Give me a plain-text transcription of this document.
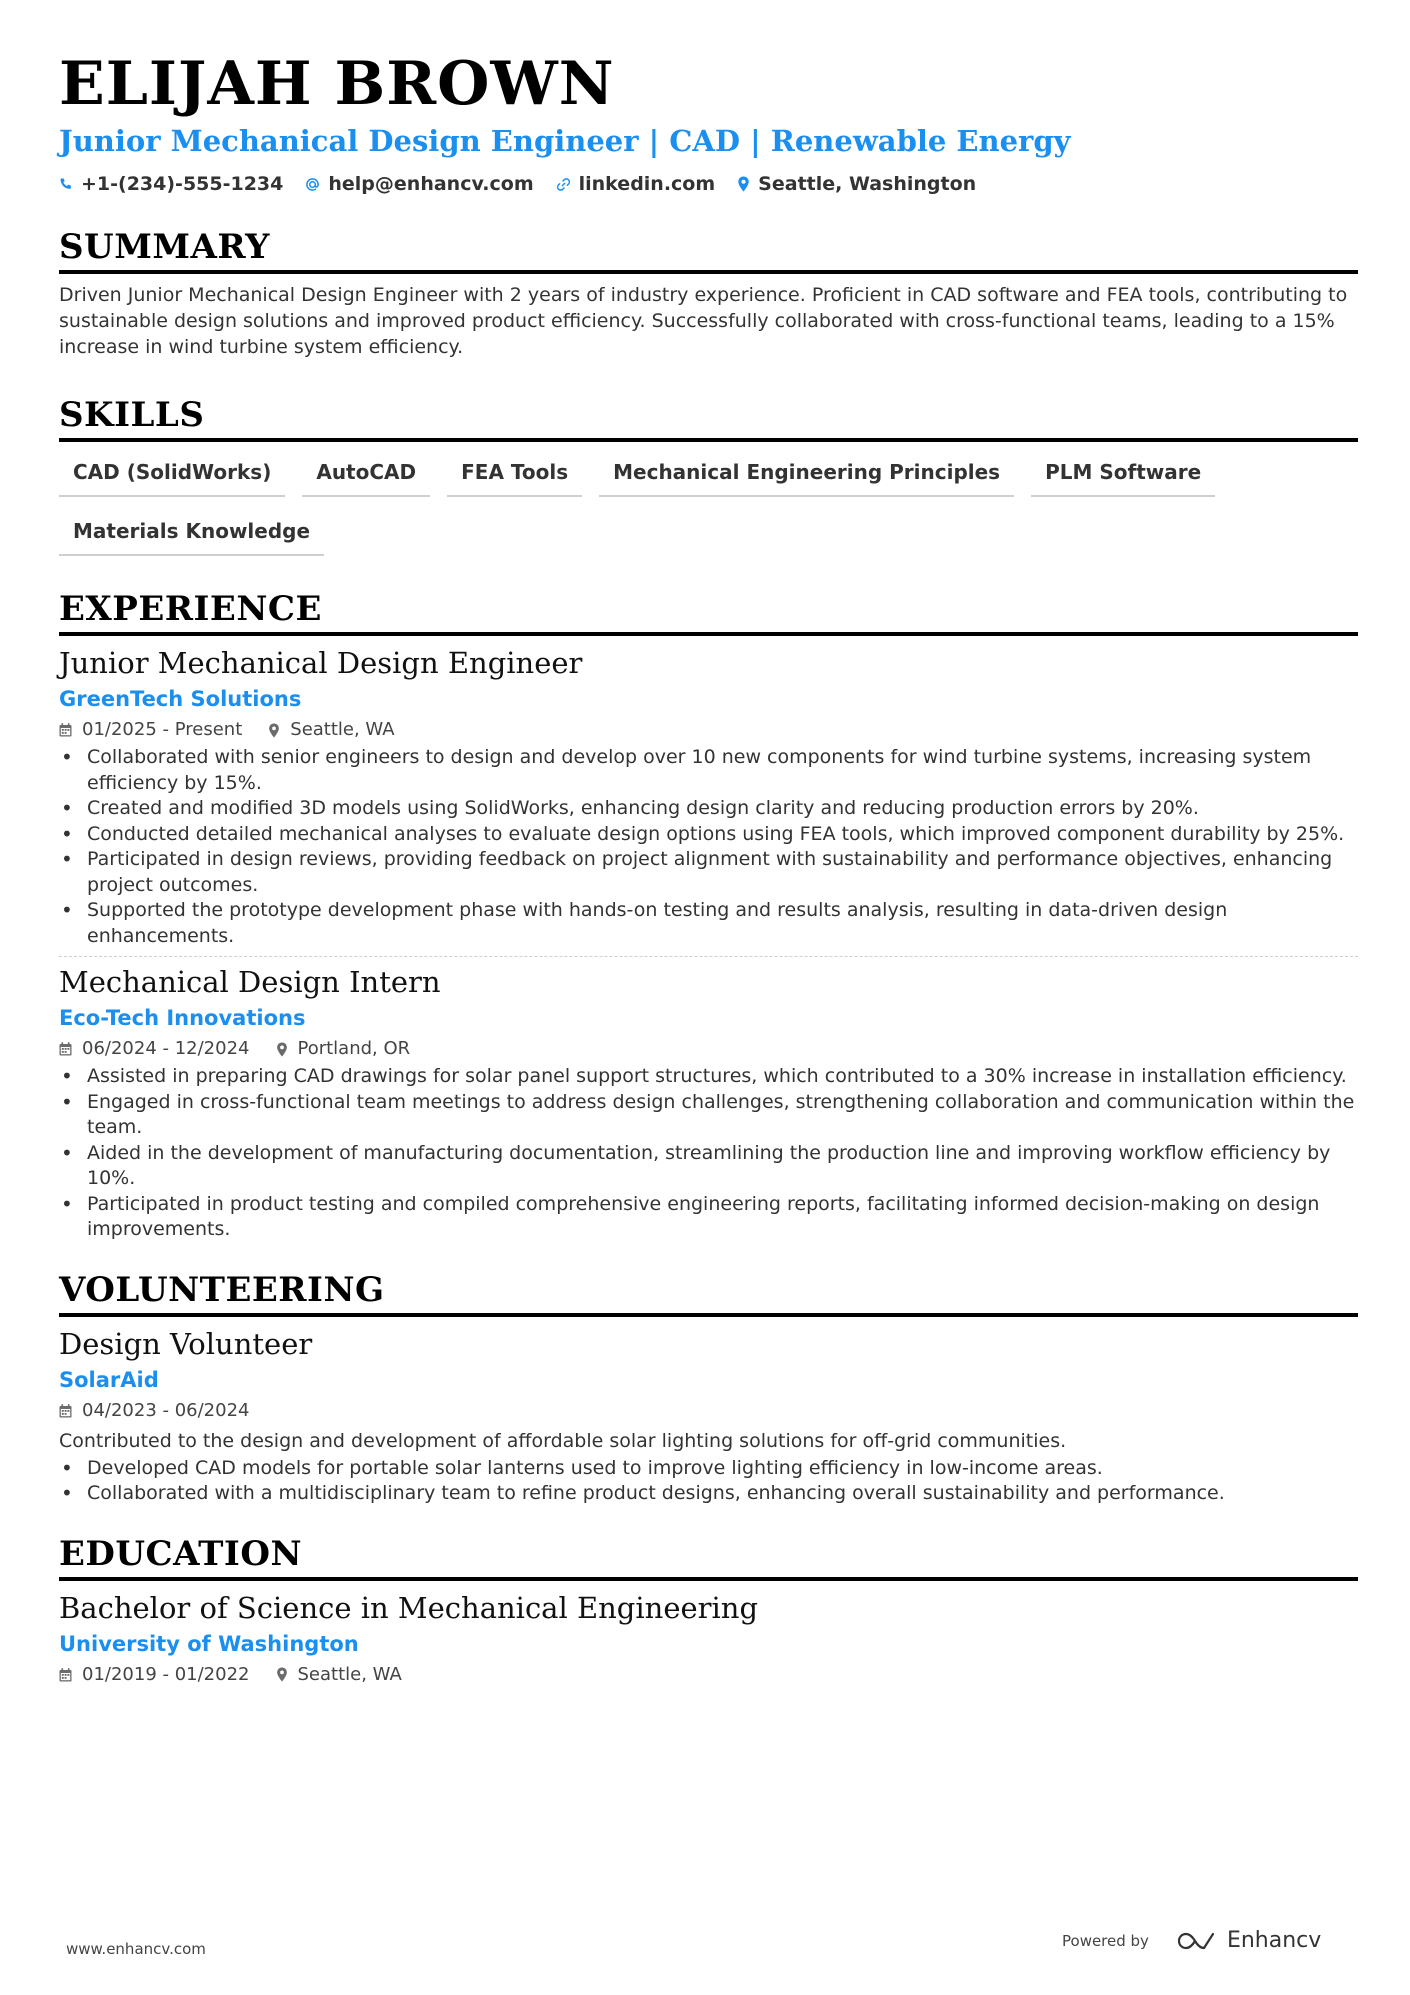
ELIJAH BROWN
Junior Mechanical Design Engineer | CAD | Renewable Energy
+1-(234)-555-1234 help@enhancv.com linkedin.com Seattle, Washington
SUMMARY
Driven Junior Mechanical Design Engineer with 2 years of industry experience. Proficient in CAD software and FEA tools, contributing to sustainable design solutions and improved product efficiency. Successfully collaborated with cross-functional teams, leading to a 15% increase in wind turbine system efficiency.
SKILLS
CAD (SolidWorks)	AutoCAD	FEA Tools	Mechanical Engineering Principles	PLM Software
Materials Knowledge
EXPERIENCE
Junior Mechanical Design Engineer
GreenTech Solutions
01/2025 - Present	Seattle, WA
• Collaborated with senior engineers to design and develop over 10 new components for wind turbine systems, increasing system efficiency by 15%.
• Created and modified 3D models using SolidWorks, enhancing design clarity and reducing production errors by 20%.
• Conducted detailed mechanical analyses to evaluate design options using FEA tools, which improved component durability by 25%.
• Participated in design reviews, providing feedback on project alignment with sustainability and performance objectives, enhancing project outcomes.
• Supported the prototype development phase with hands-on testing and results analysis, resulting in data-driven design enhancements.
Mechanical Design Intern
Eco-Tech Innovations
06/2024 - 12/2024	Portland, OR
• Assisted in preparing CAD drawings for solar panel support structures, which contributed to a 30% increase in installation efficiency.
• Engaged in cross-functional team meetings to address design challenges, strengthening collaboration and communication within the team.
• Aided in the development of manufacturing documentation, streamlining the production line and improving workflow efficiency by 10%.
• Participated in product testing and compiled comprehensive engineering reports, facilitating informed decision-making on design improvements.
VOLUNTEERING
Design Volunteer
SolarAid
04/2023 - 06/2024
Contributed to the design and development of affordable solar lighting solutions for off-grid communities.
• Developed CAD models for portable solar lanterns used to improve lighting efficiency in low-income areas.
• Collaborated with a multidisciplinary team to refine product designs, enhancing overall sustainability and performance.
EDUCATION
Bachelor of Science in Mechanical Engineering
University of Washington
01/2019 - 01/2022	Seattle, WA
www.enhancv.com	Powered by	Enhancv
